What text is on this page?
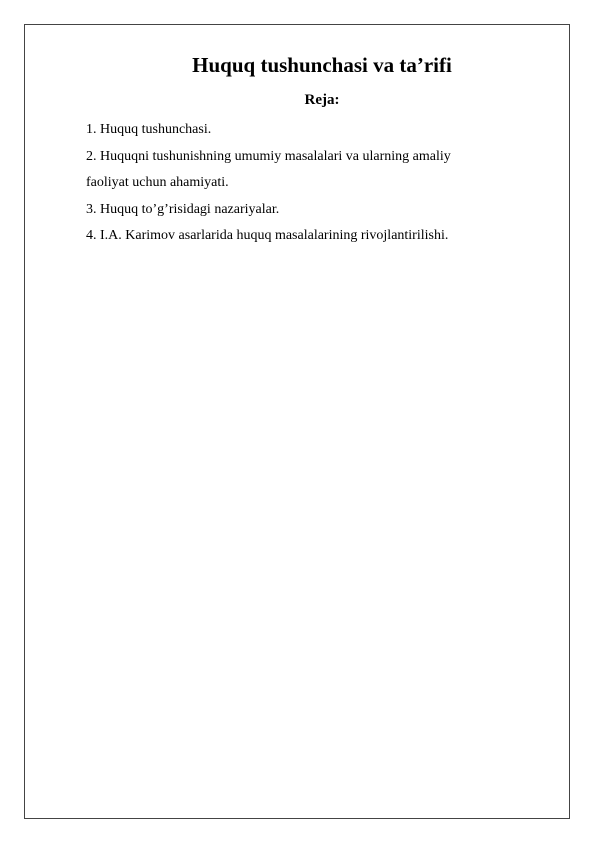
Huquq tushunchasi va ta’rifi
Reja:
1. Huquq tushunchasi.
2. Huquqni tushunishning umumiy masalalari va ularning amaliy
faoliyat uchun ahamiyati.
3. Huquq to’g’risidagi nazariyalar.
4. I.A. Karimov asarlarida huquq masalalarining rivojlantirilishi.
